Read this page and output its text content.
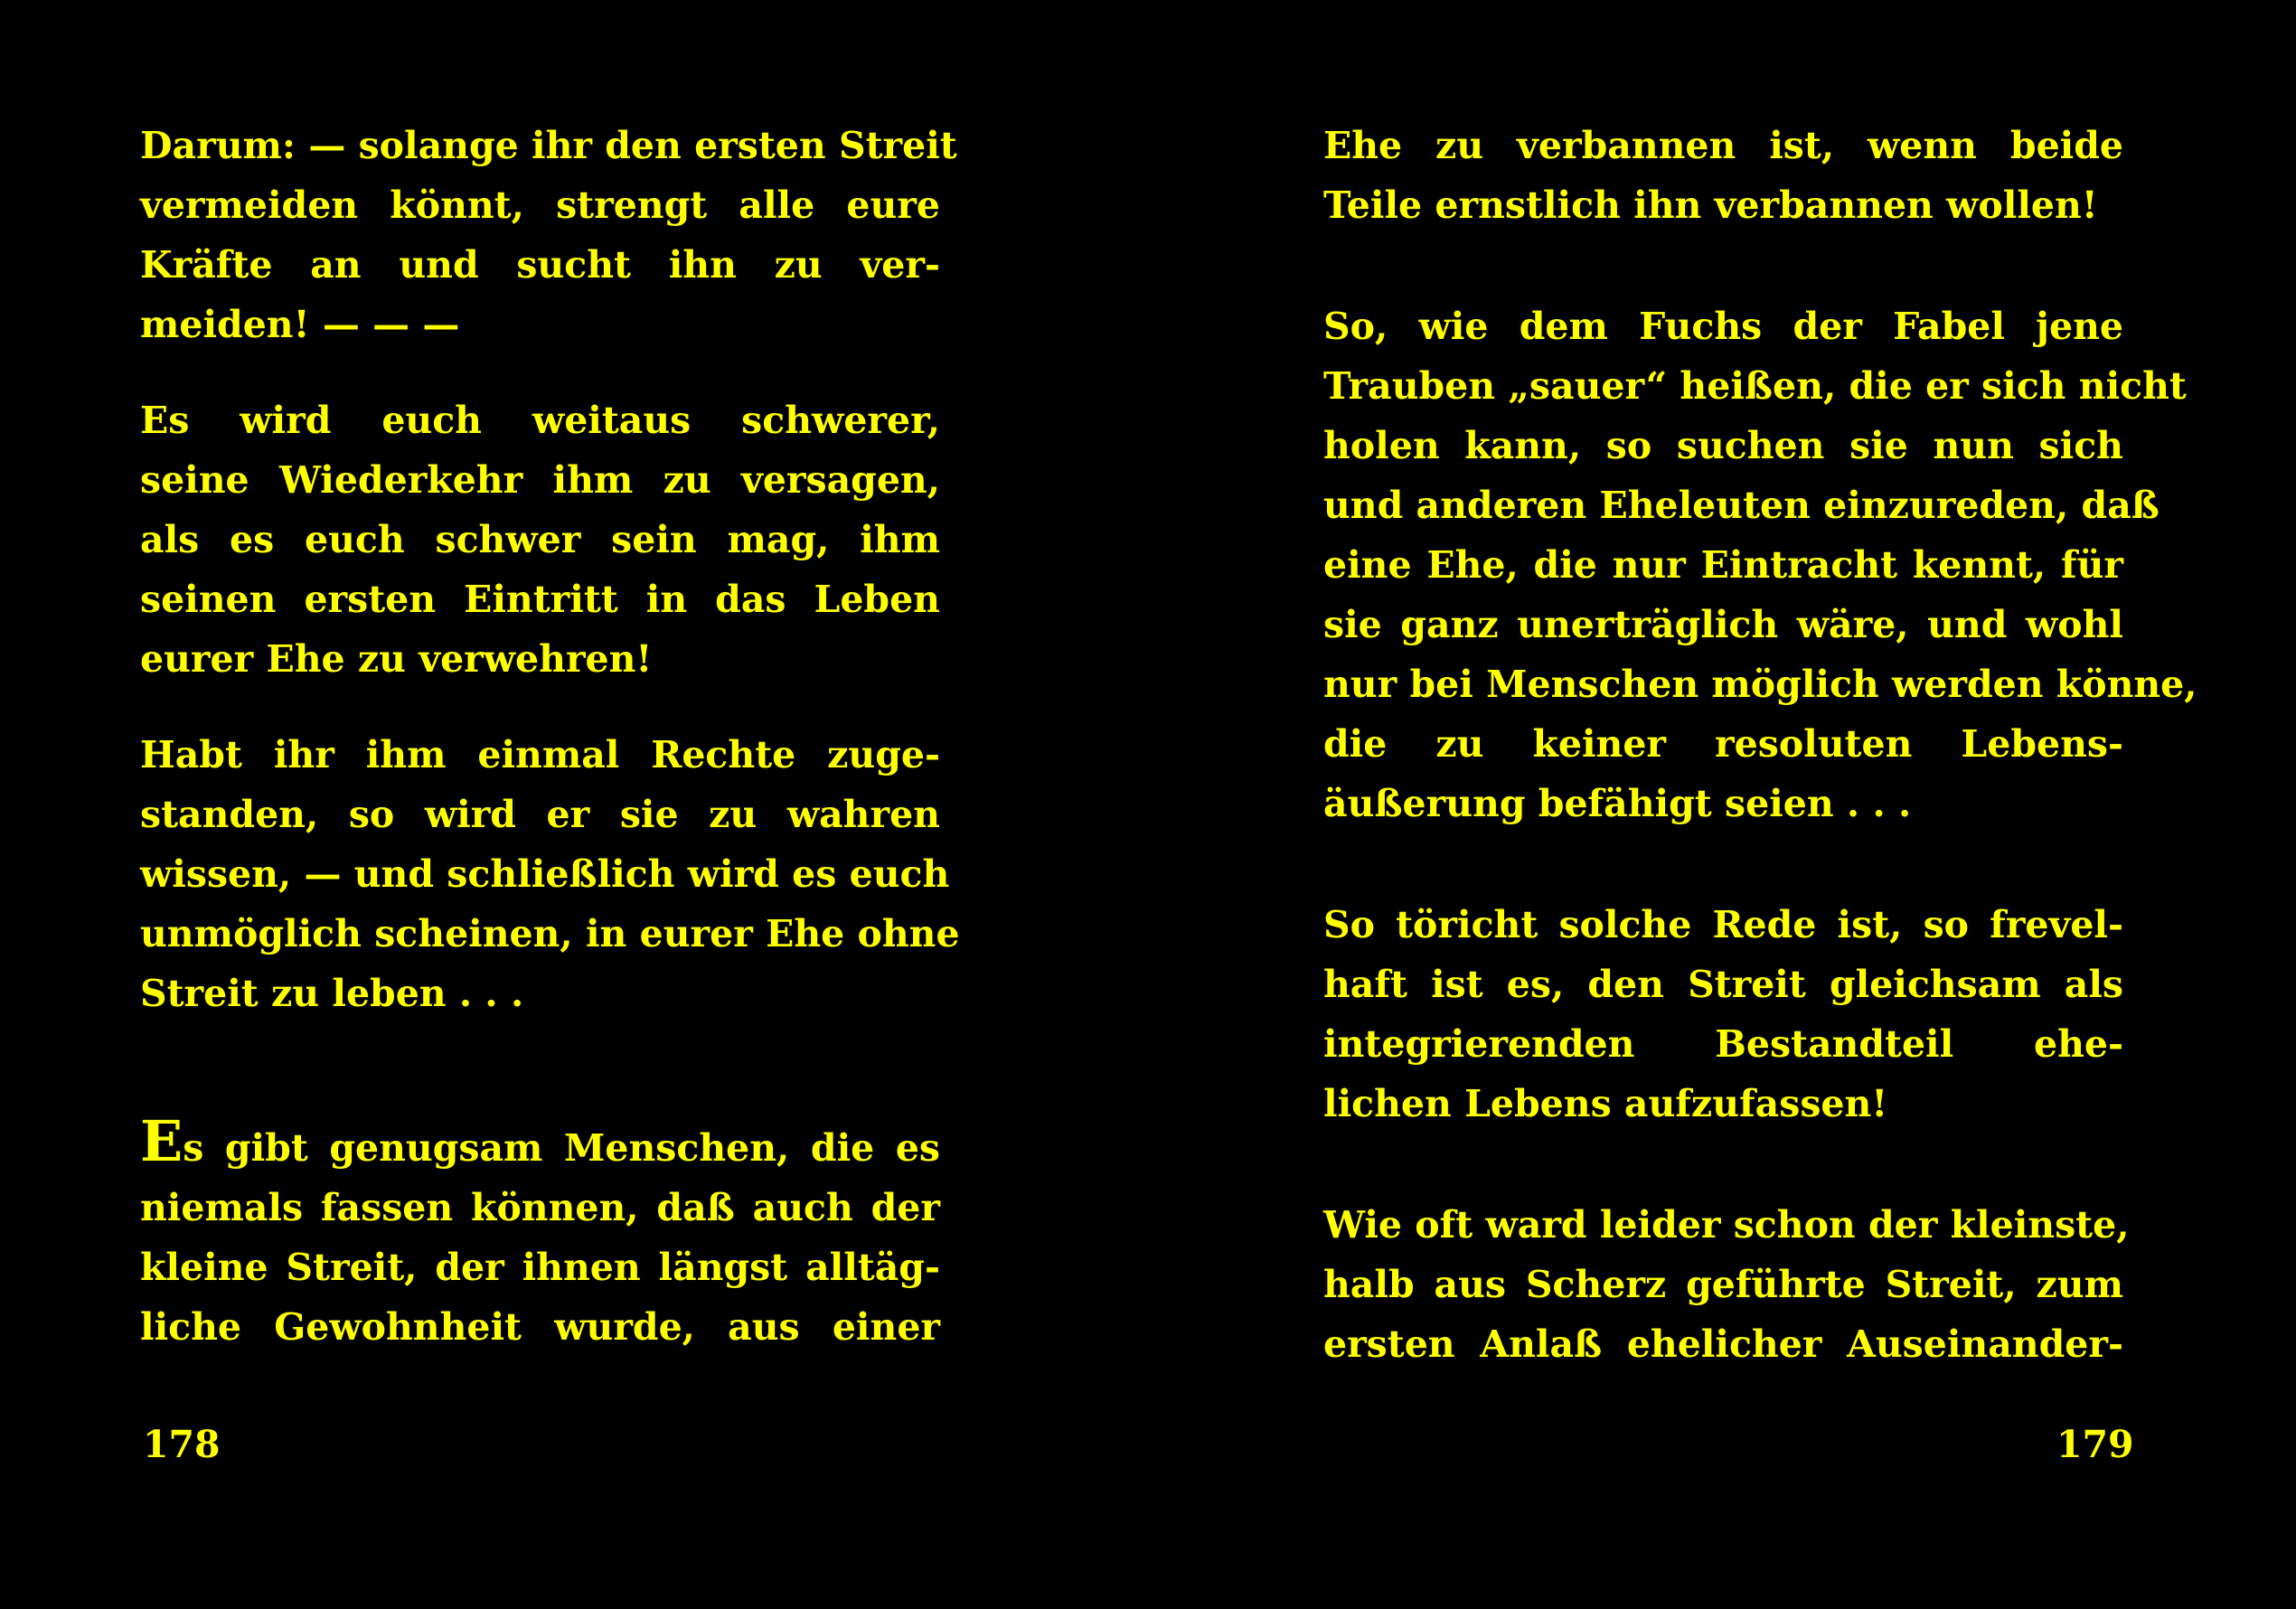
Darum: — solange ihr den ersten Streit
vermeiden könnt, strengt alle eure
Kräfte an und sucht ihn zu ver-
meiden! — — —
Es wird euch weitaus schwerer,
seine Wiederkehr ihm zu versagen,
als es euch schwer sein mag, ihm
seinen ersten Eintritt in das Leben
eurer Ehe zu verwehren!
Habt ihr ihm einmal Rechte zuge-
standen, so wird er sie zu wahren
wissen, — und schließlich wird es euch
unmöglich scheinen, in eurer Ehe ohne
Streit zu leben . . .
Es gibt genugsam Menschen, die es
niemals fassen können, daß auch der
kleine Streit, der ihnen längst alltäg-
liche Gewohnheit wurde, aus einer
178
Ehe zu verbannen ist, wenn beide
Teile ernstlich ihn verbannen wollen!
So, wie dem Fuchs der Fabel jene
Trauben „sauer“ heißen, die er sich nicht
holen kann, so suchen sie nun sich
und anderen Eheleuten einzureden, daß
eine Ehe, die nur Eintracht kennt, für
sie ganz unerträglich wäre, und wohl
nur bei Menschen möglich werden könne,
die zu keiner resoluten Lebens-
äußerung befähigt seien . . .
So töricht solche Rede ist, so frevel-
haft ist es, den Streit gleichsam als
integrierenden Bestandteil ehe-
lichen Lebens aufzufassen!
Wie oft ward leider schon der kleinste,
halb aus Scherz geführte Streit, zum
ersten Anlaß ehelicher Auseinander-
179
